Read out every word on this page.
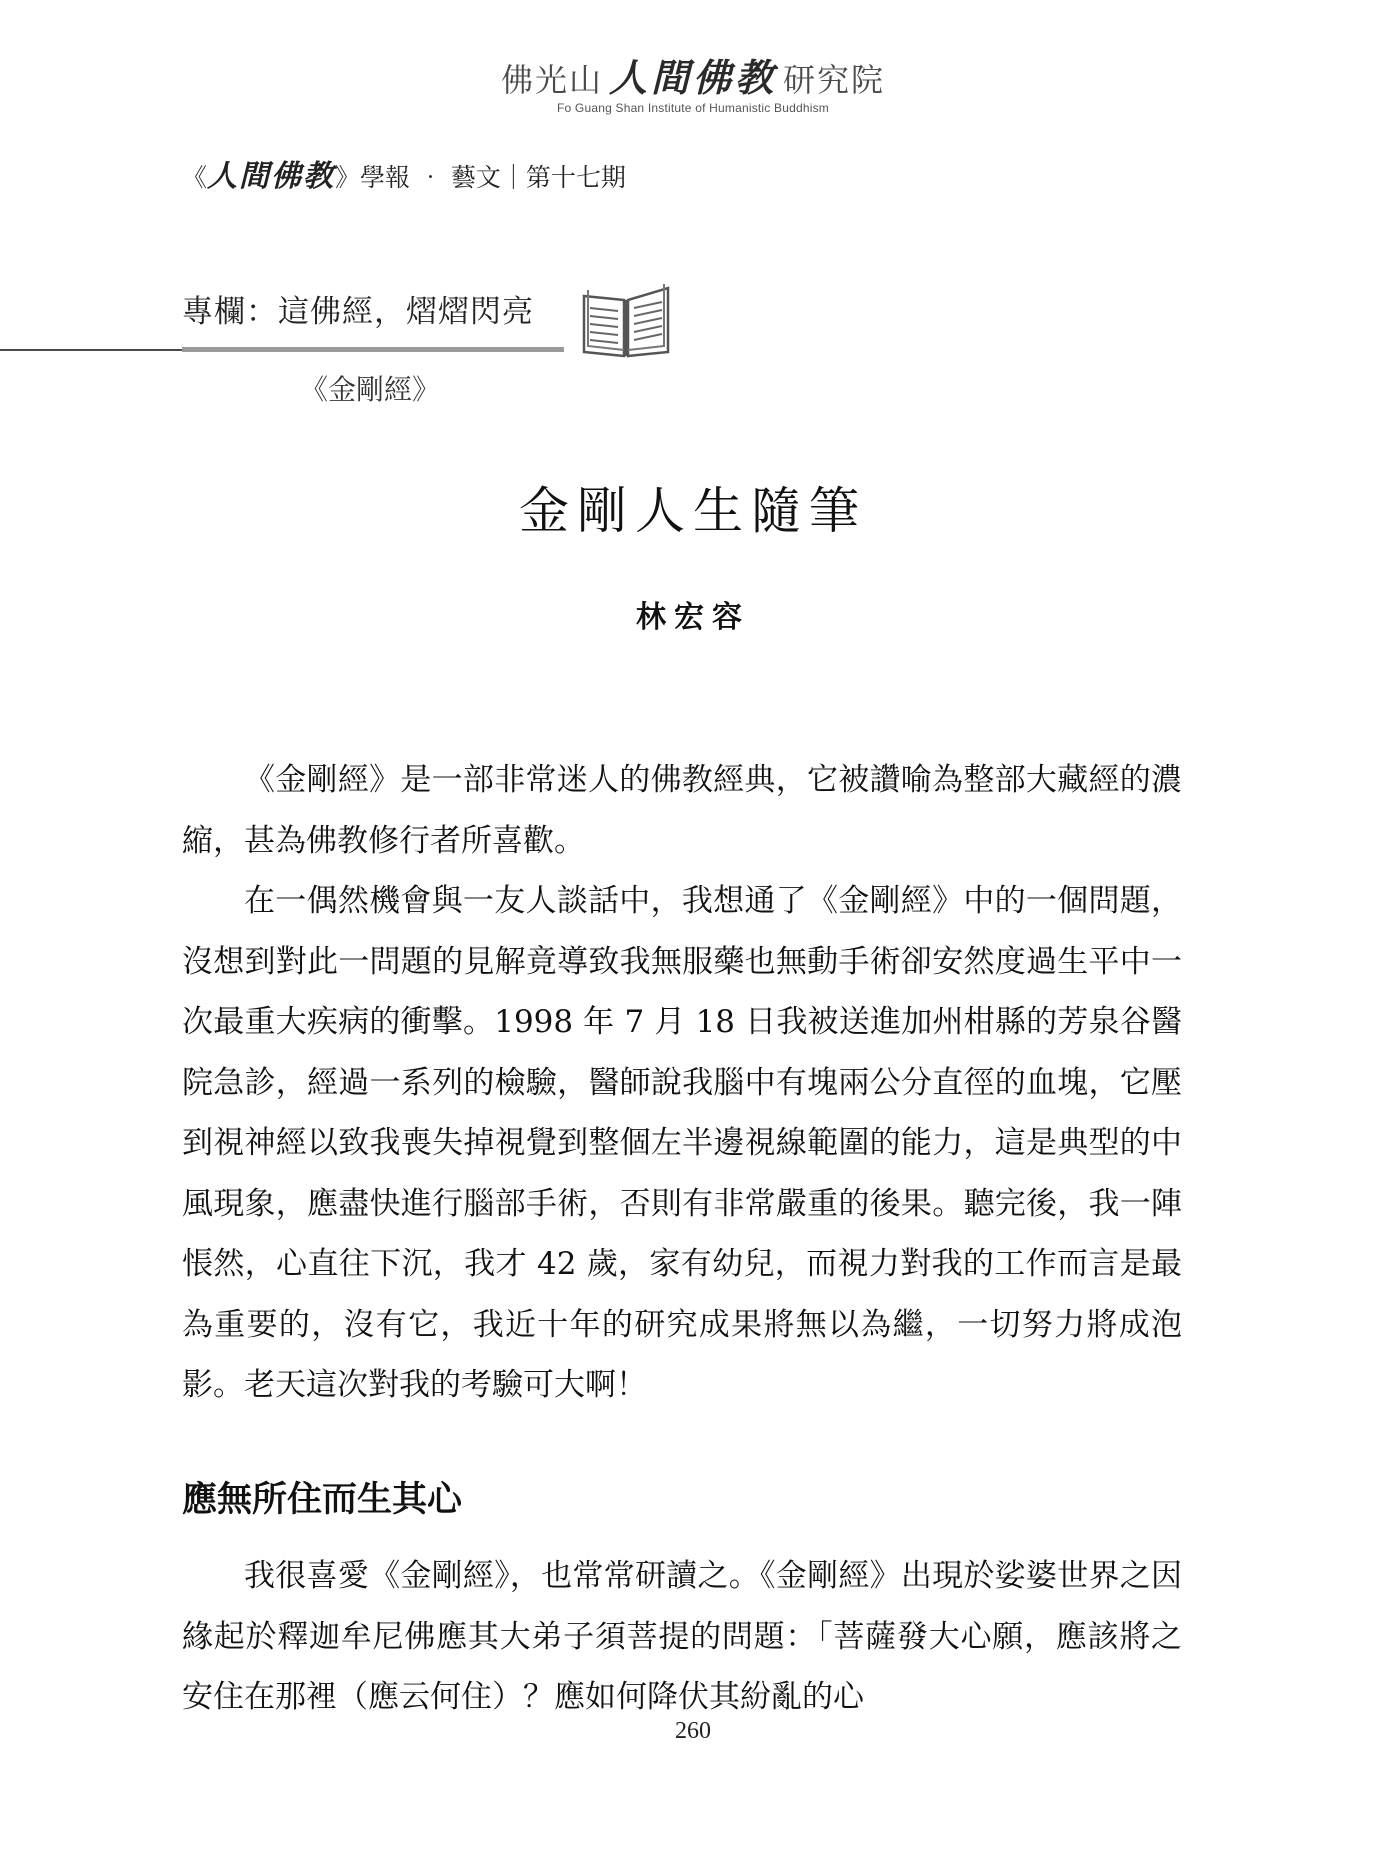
佛光山 人間佛教 研究院
Fo Guang Shan Institute of Humanistic Buddhism
《人間佛教》學報 ‧ 藝文｜第十七期
專欄：這佛經，熠熠閃亮
《金剛經》
金剛人生隨筆
林宏容

《金剛經》是一部非常迷人的佛教經典，它被讚喻為整部大藏經的濃縮，甚為佛教修行者所喜歡。

在一偶然機會與一友人談話中，我想通了《金剛經》中的一個問題，沒想到對此一問題的見解竟導致我無服藥也無動手術卻安然度過生平中一次最重大疾病的衝擊。1998 年 7 月 18 日我被送進加州柑縣的芳泉谷醫院急診，經過一系列的檢驗，醫師說我腦中有塊兩公分直徑的血塊，它壓到視神經以致我喪失掉視覺到整個左半邊視線範圍的能力，這是典型的中風現象，應盡快進行腦部手術，否則有非常嚴重的後果。聽完後，我一陣悵然，心直往下沉，我才 42 歲，家有幼兒，而視力對我的工作而言是最為重要的，沒有它，我近十年的研究成果將無以為繼，一切努力將成泡影。老天這次對我的考驗可大啊！

應無所住而生其心

我很喜愛《金剛經》，也常常研讀之。《金剛經》出現於娑婆世界之因緣起於釋迦牟尼佛應其大弟子須菩提的問題：「菩薩發大心願，應該將之安住在那裡（應云何住）？應如何降伏其紛亂的心

260
